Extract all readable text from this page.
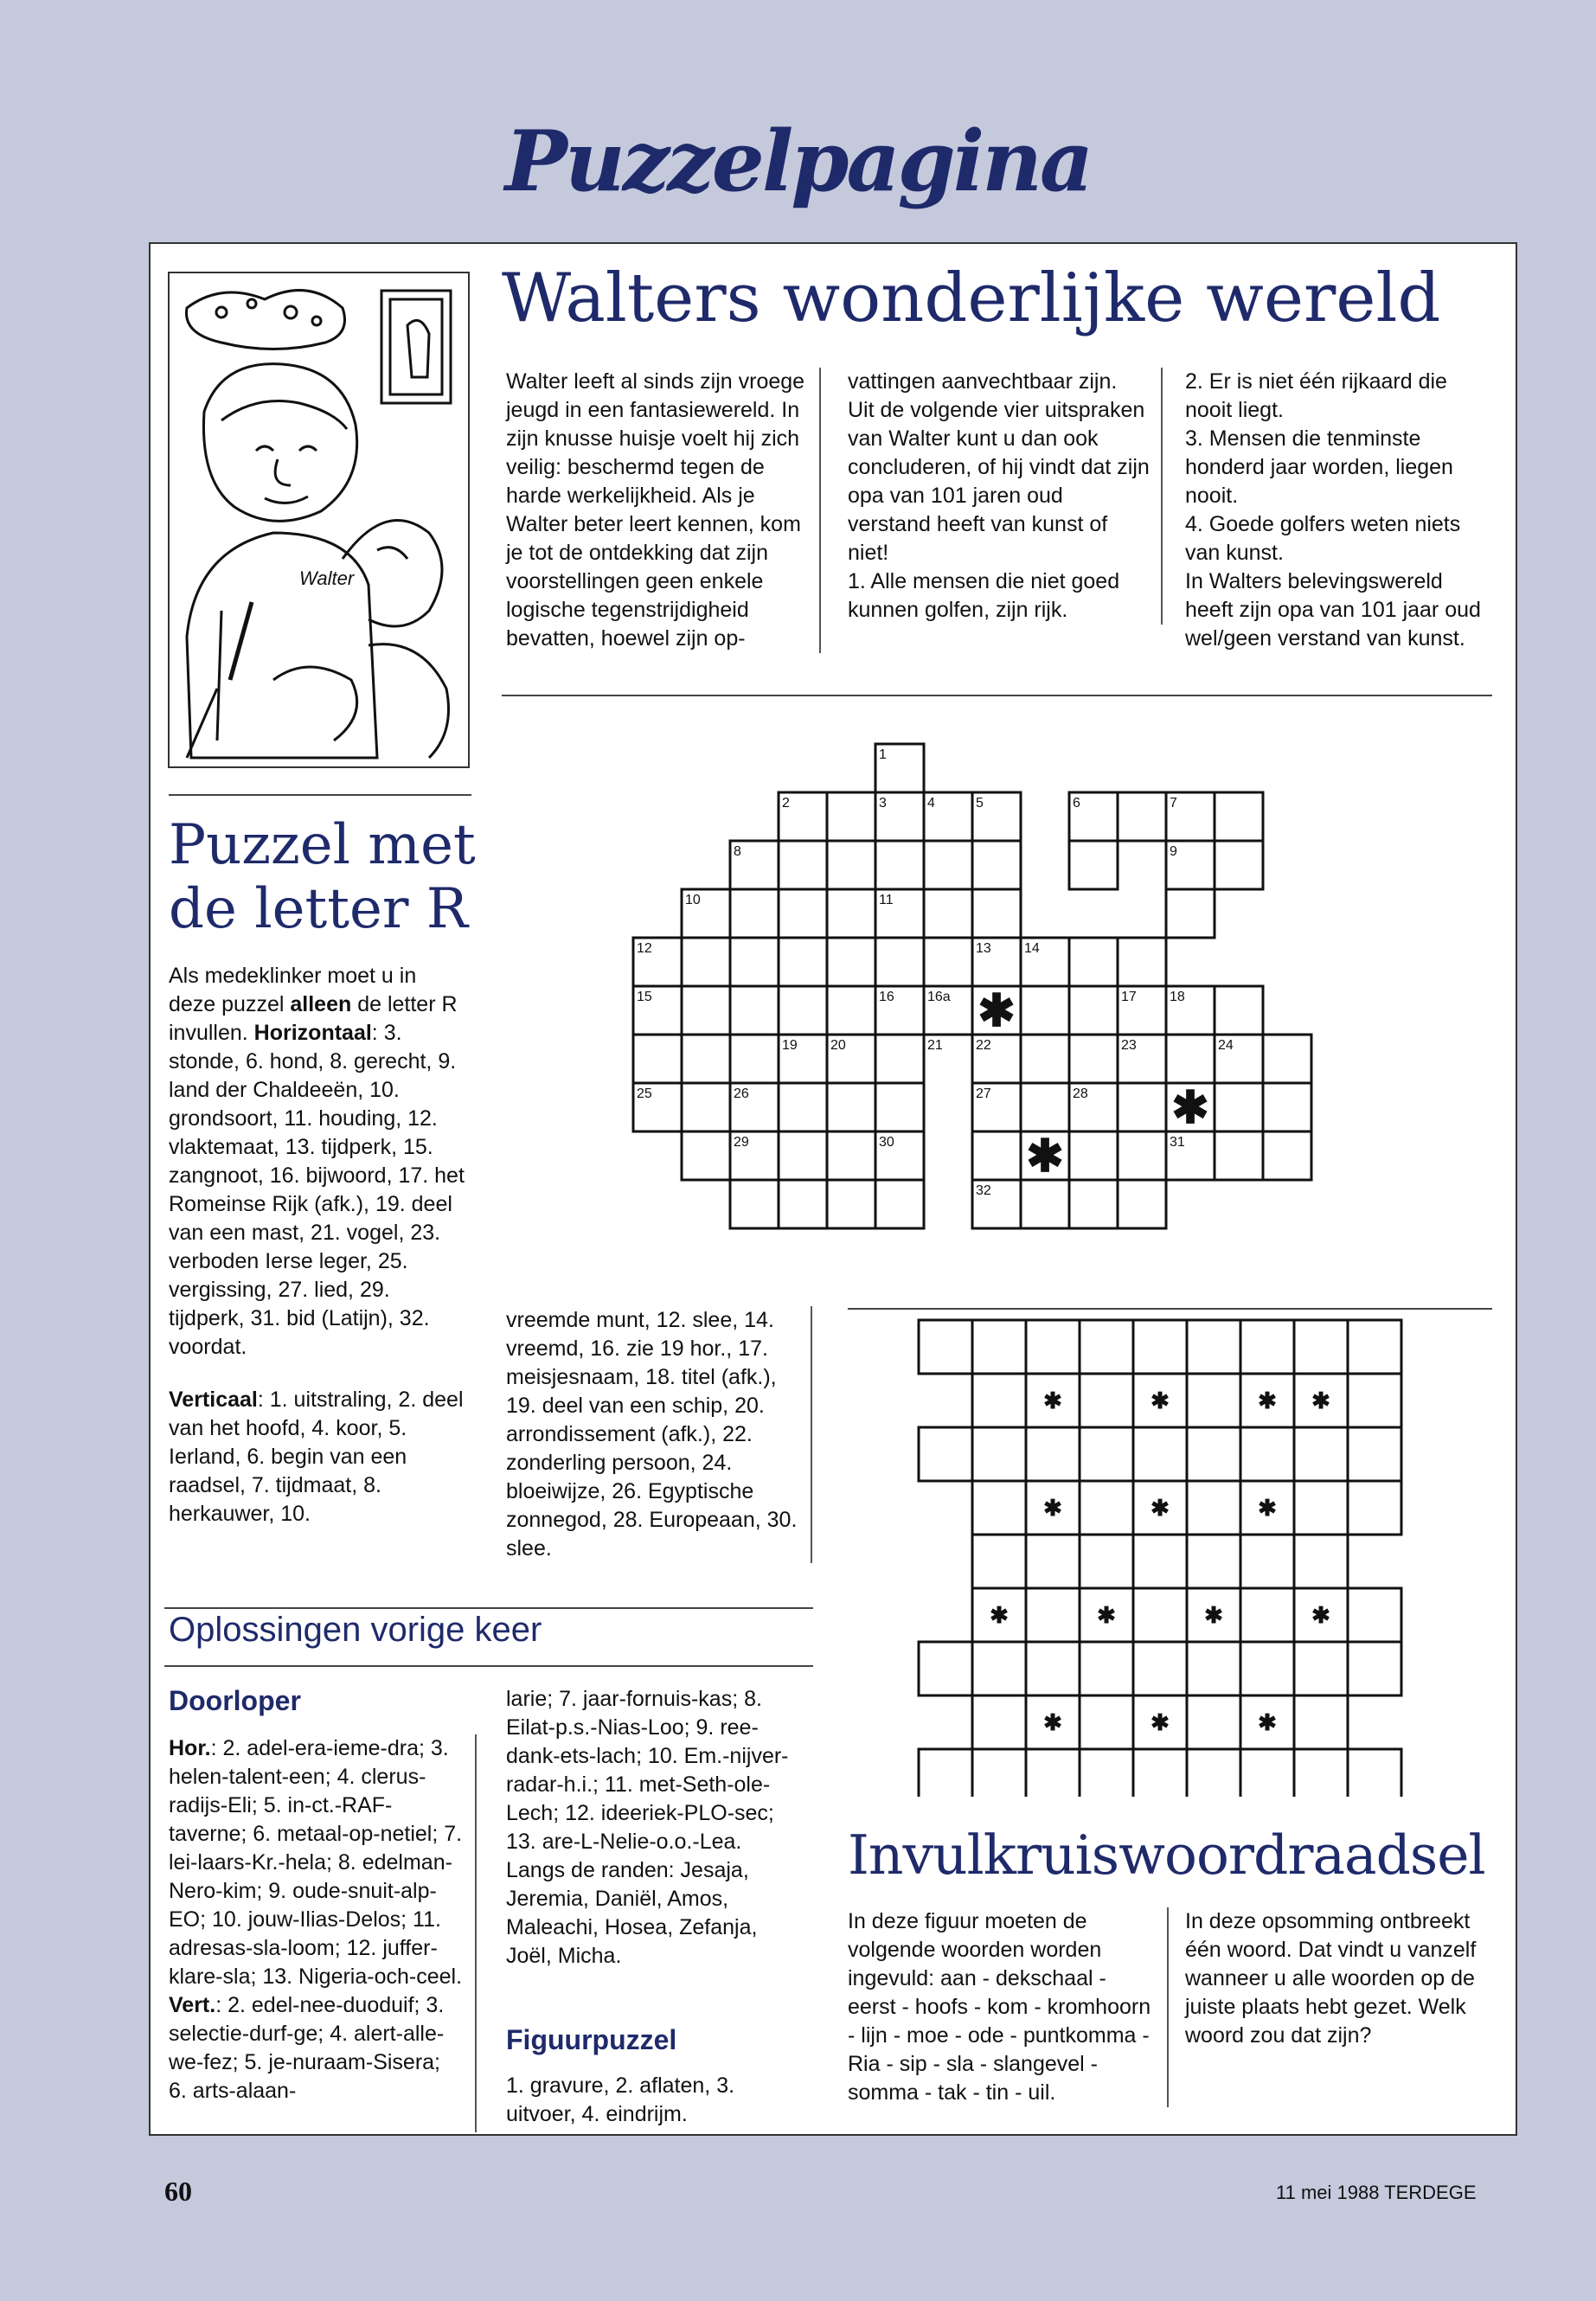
Puzzelpagina
Walter
Walters wonderlijke wereld

Walter leeft al sinds zijn vroege jeugd in een fantasiewereld. In zijn knusse huisje voelt hij zich veilig: beschermd tegen de harde werkelijkheid. Als je Walter beter leert kennen, kom je tot de ontdekking dat zijn voorstellingen geen enkele logische tegenstrijdigheid bevatten, hoewel zijn op-

vattingen aanvechtbaar zijn.

Uit de volgende vier uitspraken van Walter kunt u dan ook concluderen, of hij vindt dat zijn opa van 101 jaren oud verstand heeft van kunst of niet!

1. Alle mensen die niet goed kunnen golfen, zijn rijk.

2. Er is niet één rijkaard die nooit liegt.

3. Mensen die tenminste honderd jaar worden, liegen nooit.

4. Goede golfers weten niets van kunst.

In Walters belevingswereld heeft zijn opa van 101 jaar oud wel/geen verstand van kunst.

Puzzel met
de letter R

Als medeklinker moet u in deze puzzel alleen de letter R invullen. Horizontaal: 3. stonde, 6. hond, 8. gerecht, 9. land der Chaldeeën, 10. grondsoort, 11. houding, 12. vlaktemaat, 13. tijdperk, 15. zangnoot, 16. bijwoord, 17. het Romeinse Rijk (afk.), 19. deel van een mast, 21. vogel, 23. verboden Ierse leger, 25. vergissing, 27. lied, 29. tijdperk, 31. bid (Latijn), 32. voordat.

Verticaal: 1. uitstraling, 2. deel van het hoofd, 4. koor, 5. Ierland, 6. begin van een raadsel, 7. tijdmaat, 8. herkauwer, 10.

vreemde munt, 12. slee, 14. vreemd, 16. zie 19 hor., 17. meisjesnaam, 18. titel (afk.), 19. deel van een schip, 20. arrondissement (afk.), 22. zonderling persoon, 24. bloeiwijze, 26. Egyptische zonnegod, 28. Europeaan, 30. slee.

1
2	3	4	5	6	7
8	9
10	11
12	13 14
15	16 16a	17 18
19 20	21 22	23	24
25	26	27	28
29	30	31
32
✱
✱
✱
Oplossingen vorige keer
Doorloper

Hor.: 2. adel-era-ieme-dra; 3. helen-talent-een; 4. clerus-radijs-Eli; 5. in-ct.-RAFtaverne; 6. metaal-op-netiel; 7. lei-laars-Kr.-hela; 8. edelman-Nero-kim; 9. oude-snuit-alp-EO; 10. jouw-Ilias-Delos; 11. adresas-sla-loom; 12. juffer-klare-sla; 13. Nigeria-och-ceel.
Vert.: 2. edel-nee-duoduif; 3. selectie-durf-ge; 4. alert-alle-we-fez; 5. je-nuraam-Sisera; 6. arts-alaan-

larie; 7. jaar-fornuis-kas; 8. Eilat-p.s.-Nias-Loo; 9. reedank-ets-lach; 10. Em.-nijver-radar-h.i.; 11. met-Seth-ole-Lech; 12. ideeriek-PLO-sec; 13. are-L-Nelie-o.o.-Lea.

Langs de randen: Jesaja, Jeremia, Daniël, Amos, Maleachi, Hosea, Zefanja, Joël, Micha.

Figuurpuzzel

1. gravure, 2. aflaten, 3. uitvoer, 4. eindrijm.

✱	✱	✱ ✱
✱	✱	✱
✱	✱	✱	✱
✱	✱	✱
Invulkruiswoordraadsel

In deze figuur moeten de volgende woorden worden ingevuld: aan - dekschaal - eerst - hoofs - kom - kromhoorn - lijn - moe - ode - puntkomma - Ria - sip - sla - slangevel - somma - tak - tin - uil.

In deze opsomming ontbreekt één woord. Dat vindt u vanzelf wanneer u alle woorden op de juiste plaats hebt gezet. Welk woord zou dat zijn?

60	11 mei 1988 TERDEGE
